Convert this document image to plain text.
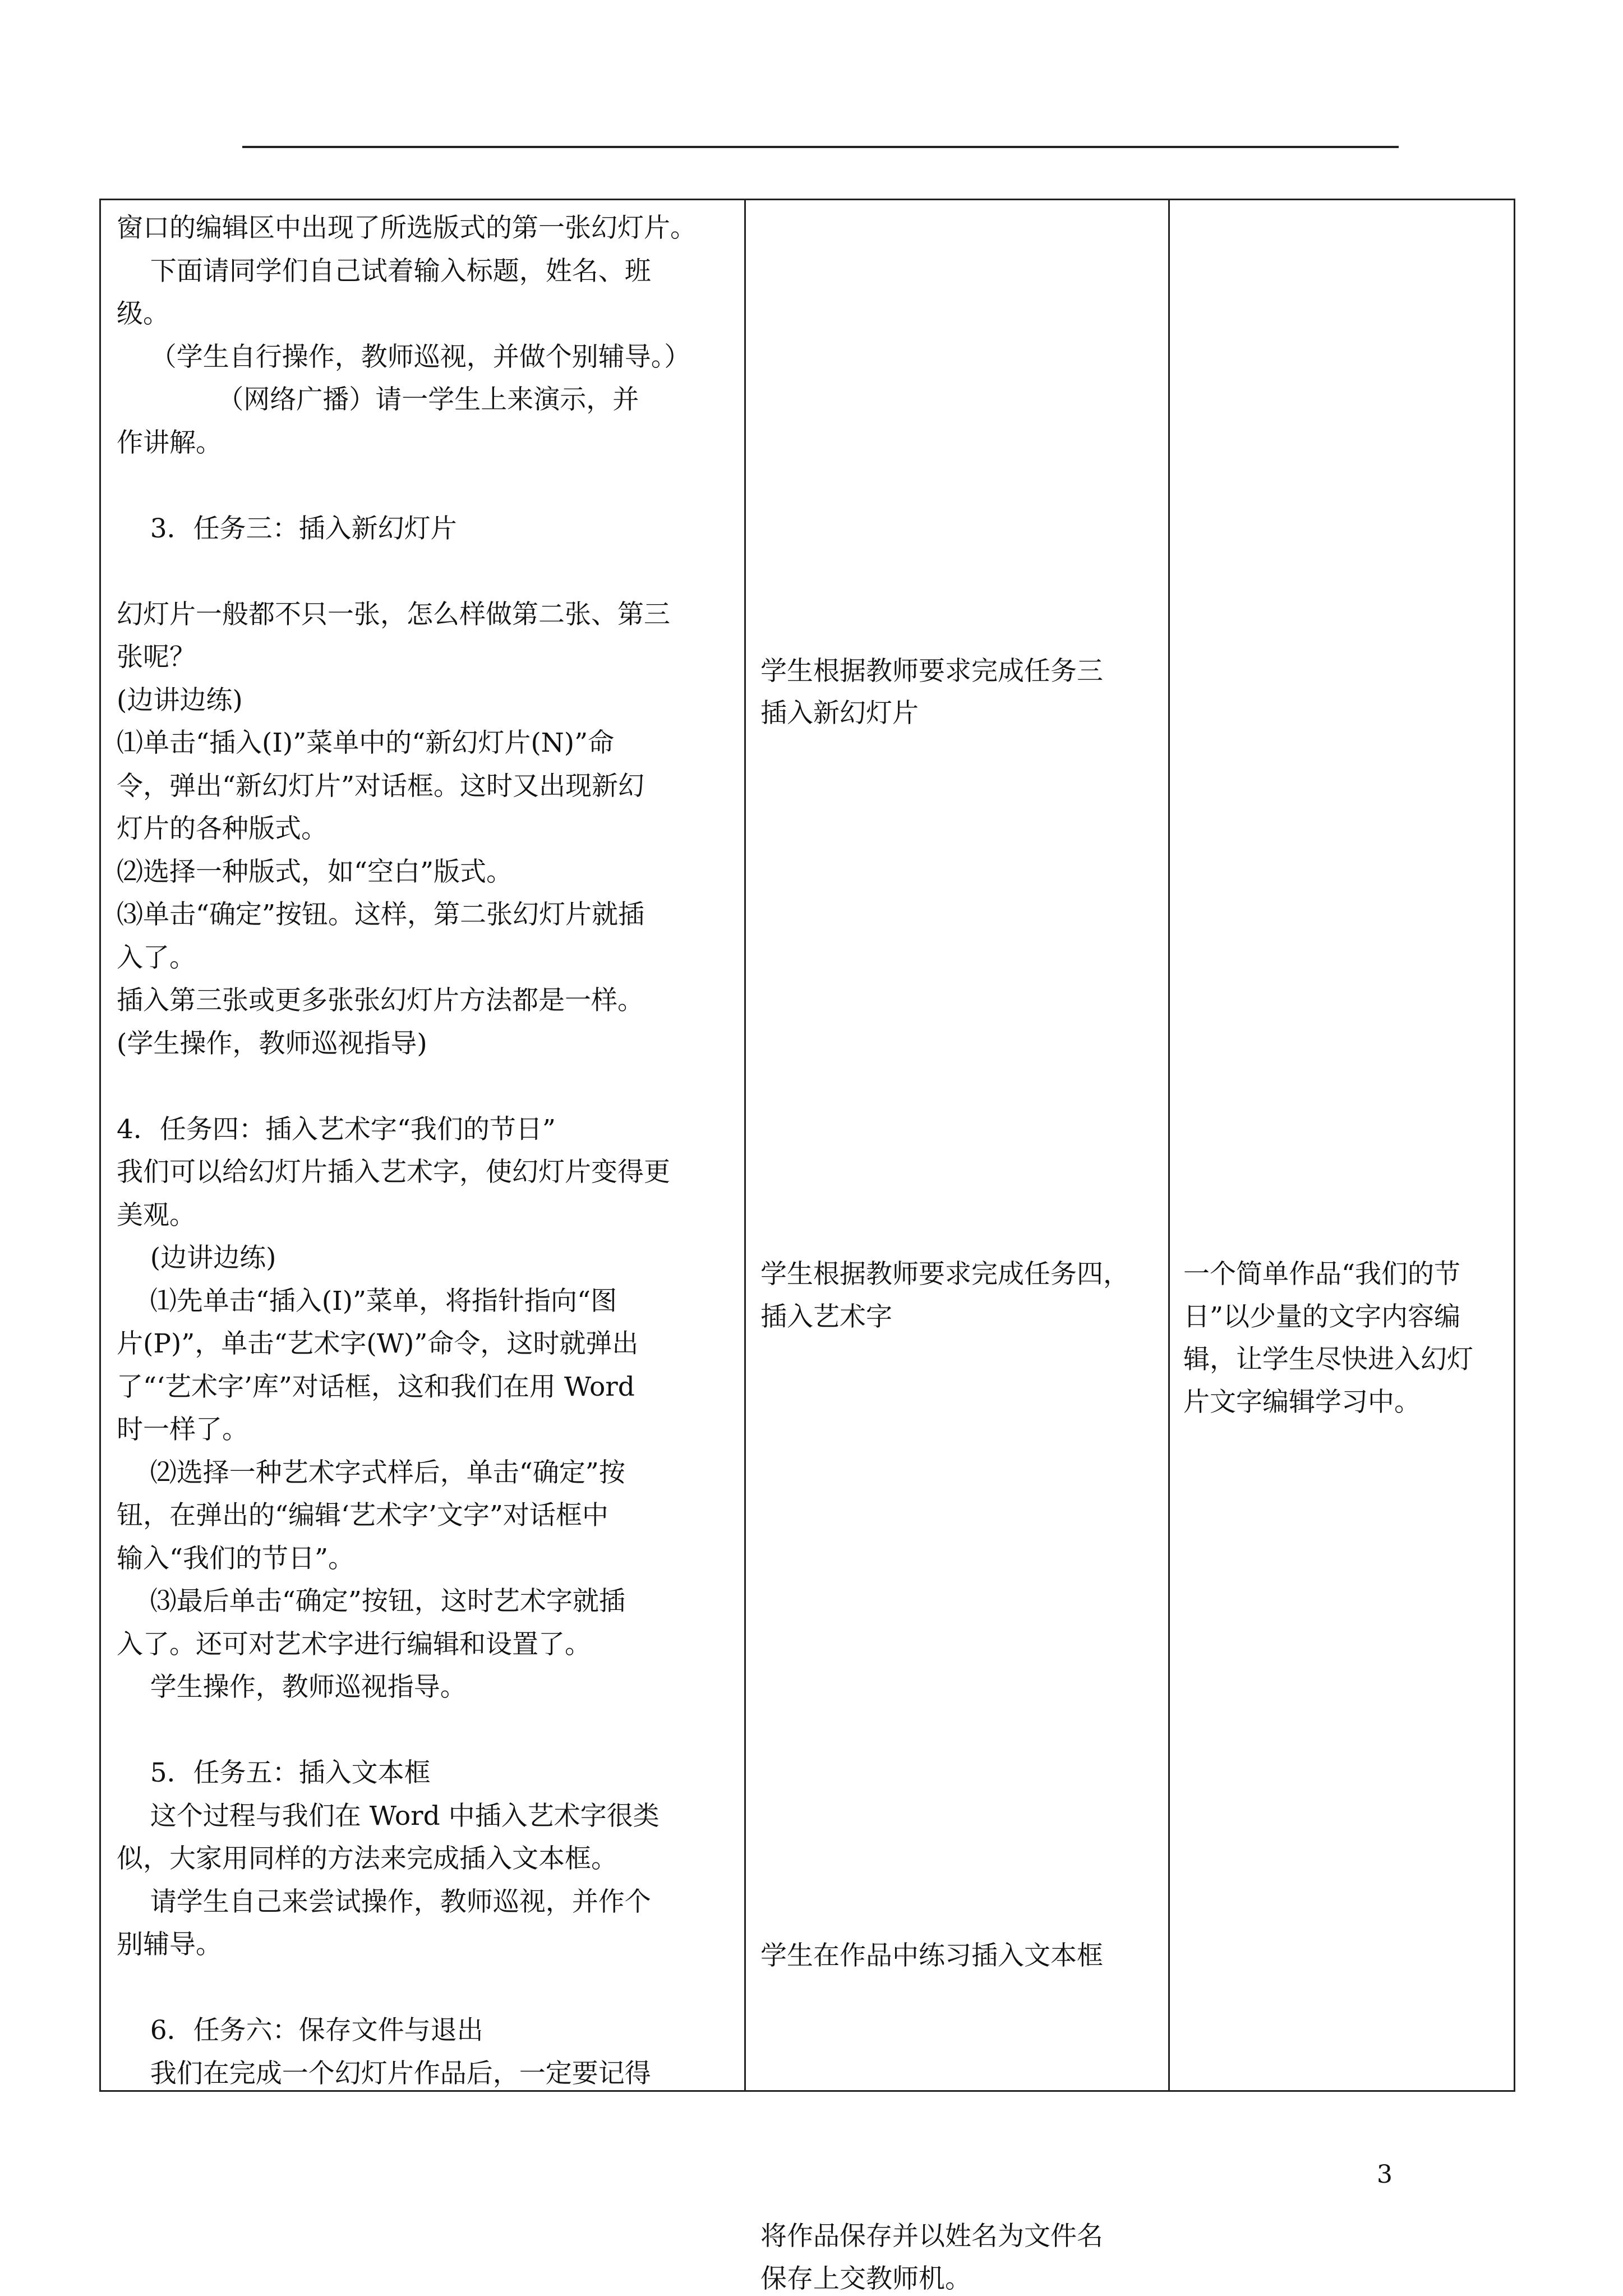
窗口的编辑区中出现了所选版式的第一张幻灯片。
下面请同学们自己试着输入标题，姓名、班
级。
（学生自行操作，教师巡视，并做个别辅导。）
（网络广播）请一学生上来演示，并
作讲解。
3．任务三：插入新幻灯片
幻灯片一般都不只一张，怎么样做第二张、第三
张呢？
(边讲边练)
⑴单击“插入(I)”菜单中的“新幻灯片(N)”命
令，弹出“新幻灯片”对话框。这时又出现新幻
灯片的各种版式。
⑵选择一种版式，如“空白”版式。
⑶单击“确定”按钮。这样，第二张幻灯片就插
入了。
插入第三张或更多张张幻灯片方法都是一样。
(学生操作，教师巡视指导)
4．任务四：插入艺术字“我们的节日”
我们可以给幻灯片插入艺术字，使幻灯片变得更
美观。
(边讲边练)
⑴先单击“插入(I)”菜单，将指针指向“图
片(P)”，单击“艺术字(W)”命令，这时就弹出
了“‘艺术字’库”对话框，这和我们在用 Word
时一样了。
⑵选择一种艺术字式样后，单击“确定”按
钮，在弹出的“编辑‘艺术字’文字”对话框中
输入“我们的节日”。
⑶最后单击“确定”按钮，这时艺术字就插
入了。还可对艺术字进行编辑和设置了。
学生操作，教师巡视指导。
5．任务五：插入文本框
这个过程与我们在 Word 中插入艺术字很类
似，大家用同样的方法来完成插入文本框。
请学生自己来尝试操作，教师巡视，并作个
别辅导。
6．任务六：保存文件与退出
我们在完成一个幻灯片作品后，一定要记得
学生根据教师要求完成任务三
插入新幻灯片
学生根据教师要求完成任务四，
插入艺术字
学生在作品中练习插入文本框
将作品保存并以姓名为文件名
保存上交教师机。
一个简单作品“我们的节
日”以少量的文字内容编
辑，让学生尽快进入幻灯
片文字编辑学习中。
3
